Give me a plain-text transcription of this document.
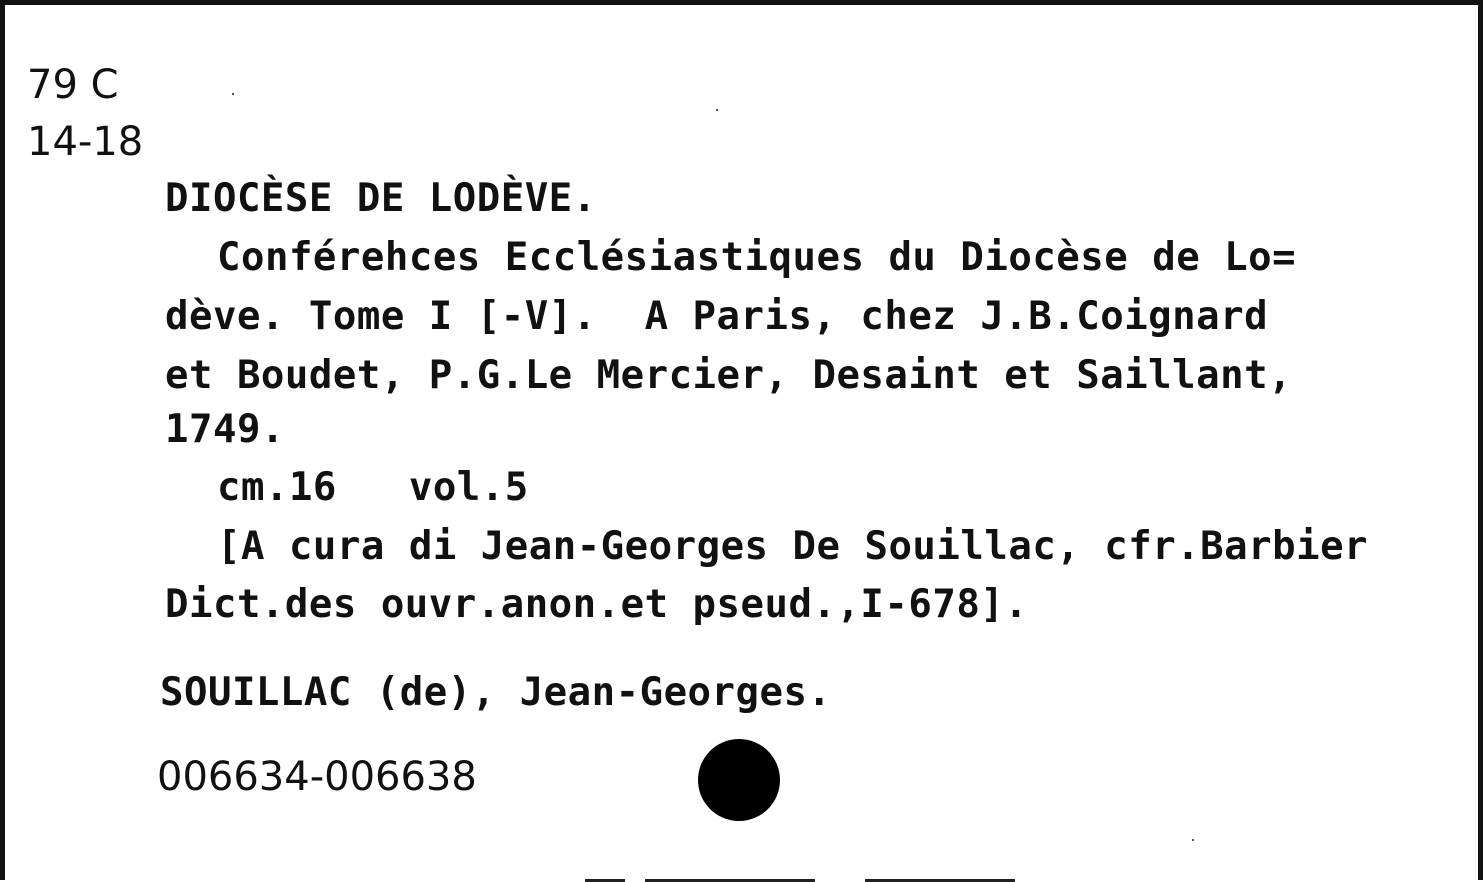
79 C
14-18
DIOCÈSE DE LODÈVE.
Conférehces Ecclésiastiques du Diocèse de Lo=
dève. Tome I [-V].  A Paris, chez J.B.Coignard
et Boudet, P.G.Le Mercier, Desaint et Saillant,
1749.
cm.16   vol.5
[A cura di Jean-Georges De Souillac, cfr.Barbier
Dict.des ouvr.anon.et pseud.,I-678].
SOUILLAC (de), Jean-Georges.
006634-006638
